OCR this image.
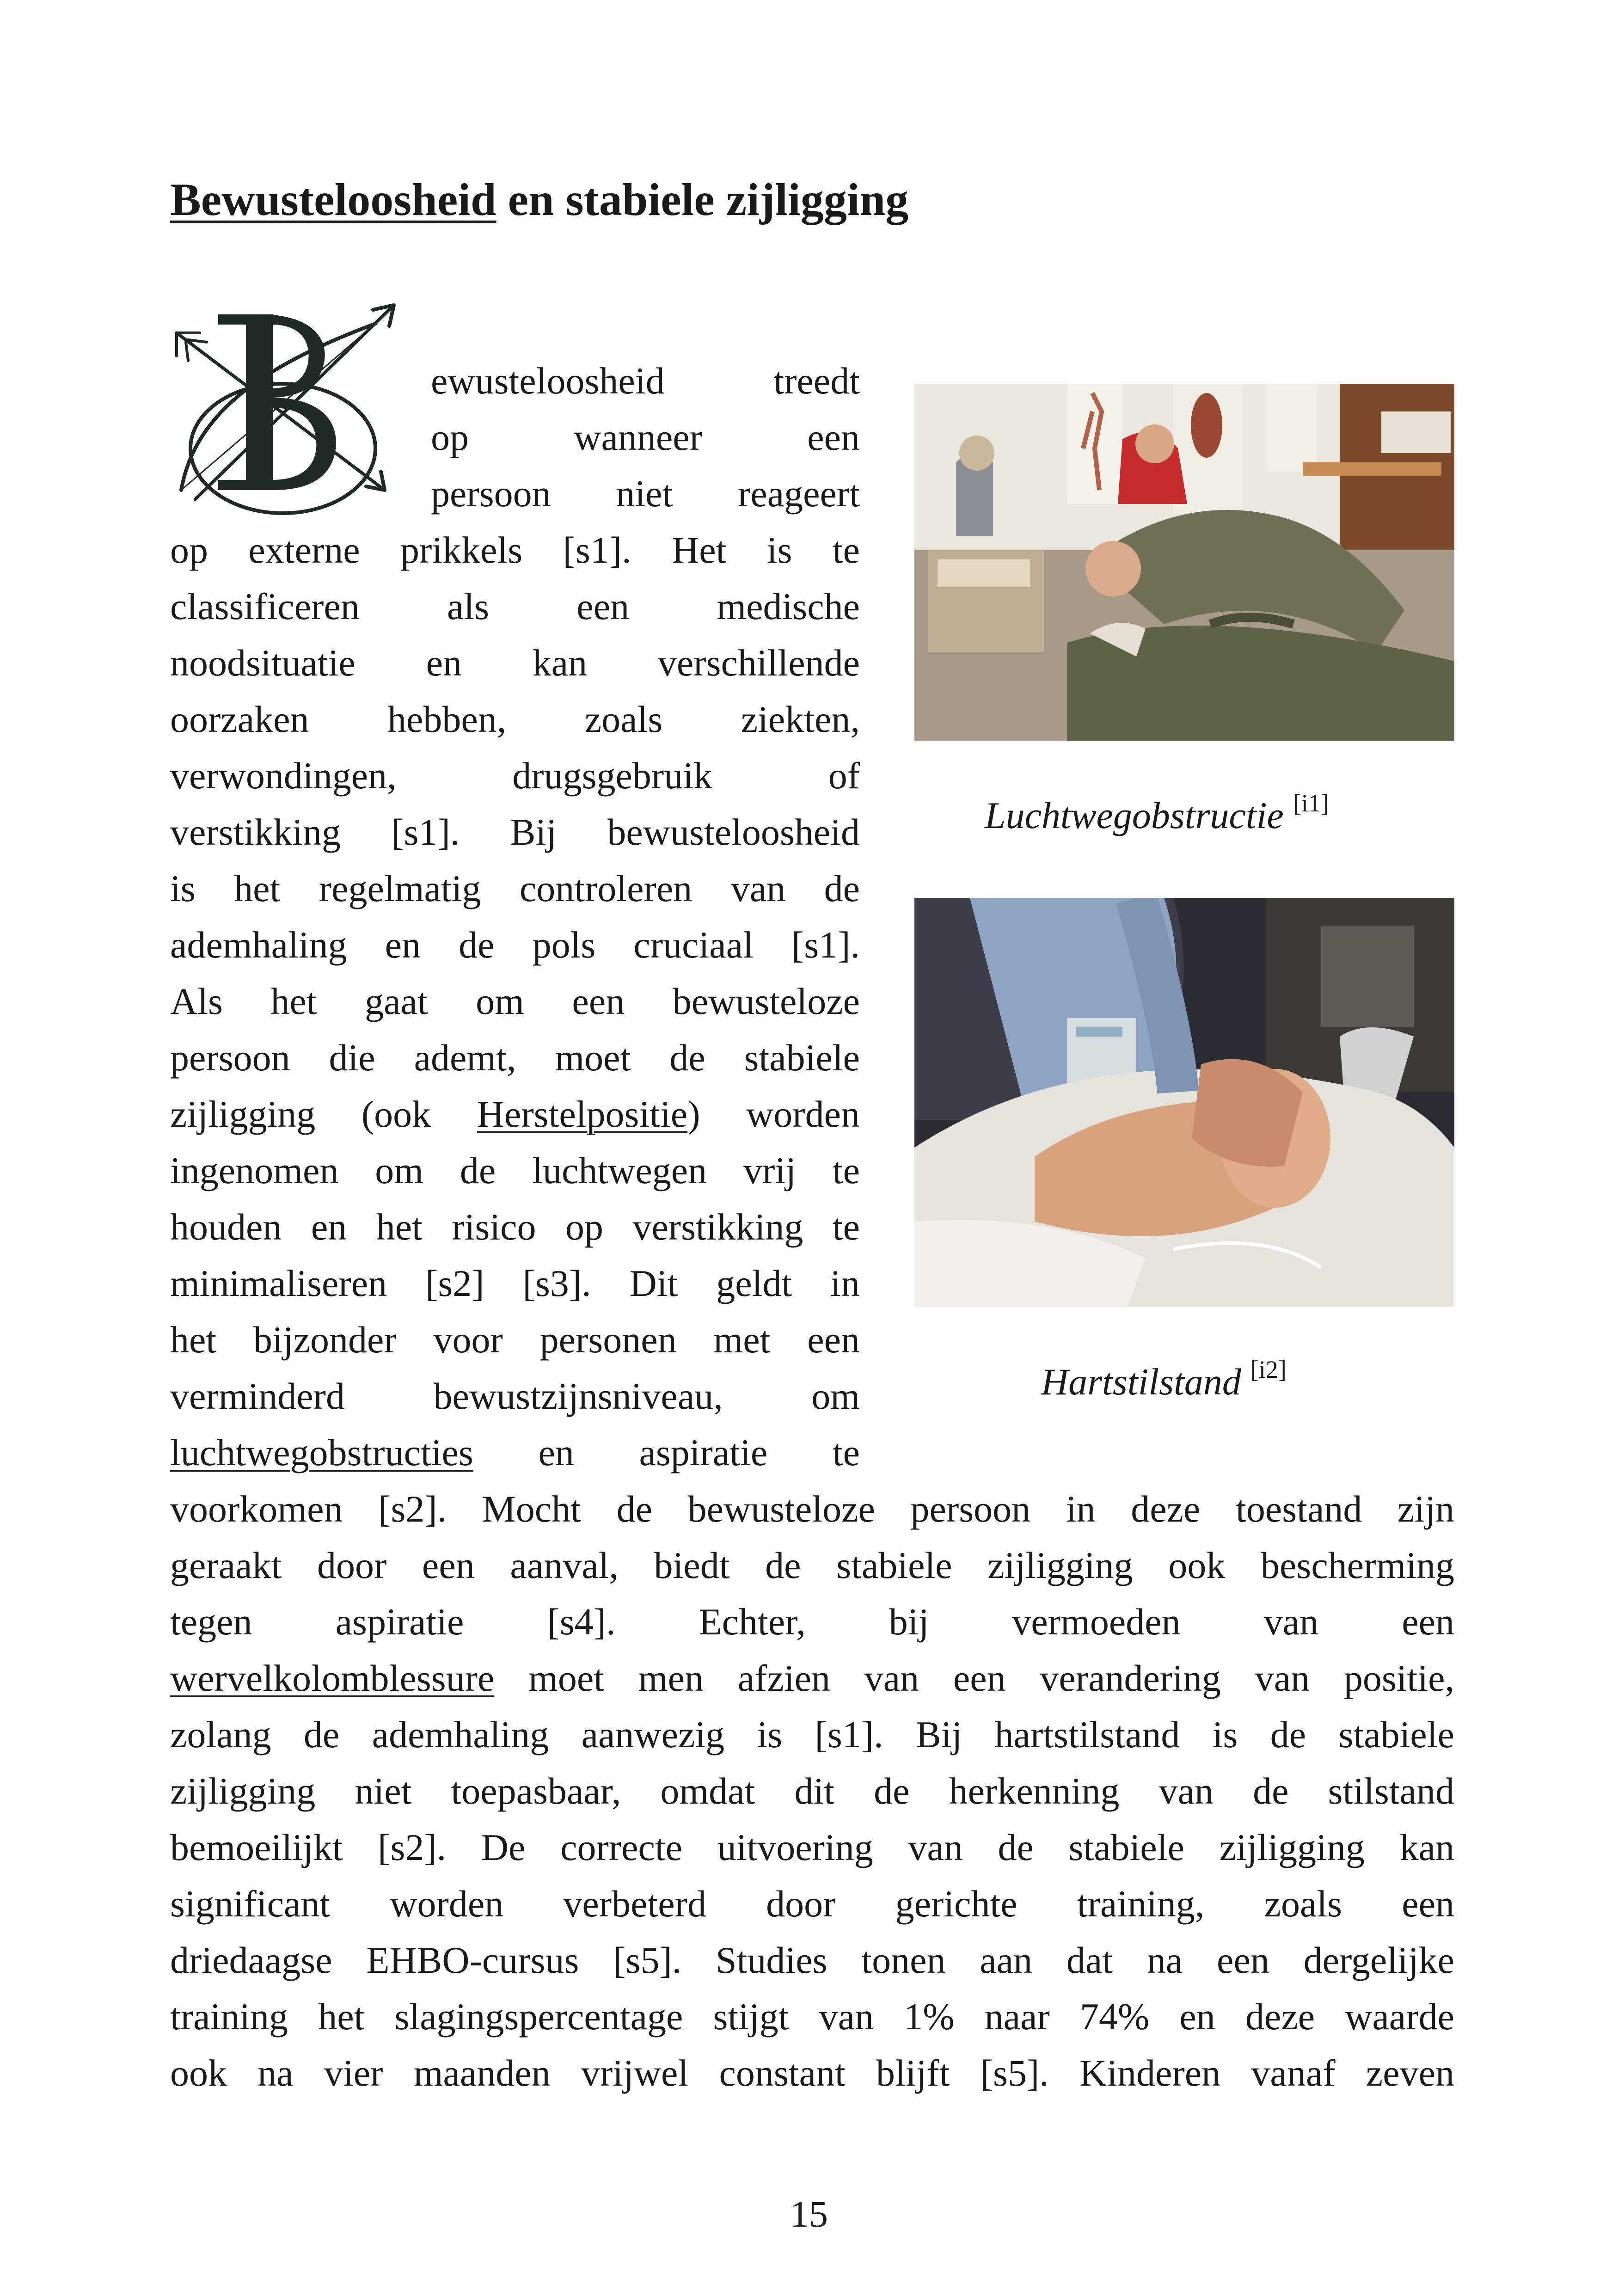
Bewusteloosheid en stabiele zijligging
B

ewusteloosheid treedt

op wanneer een

persoon niet reageert

op externe prikkels [s1]. Het is te

classificeren als een medische

noodsituatie en kan verschillende

oorzaken hebben, zoals ziekten,

verwondingen, drugsgebruik of

verstikking [s1]. Bij bewusteloosheid

is het regelmatig controleren van de

ademhaling en de pols cruciaal [s1].

Als het gaat om een bewusteloze

persoon die ademt, moet de stabiele

zijligging (ook Herstelpositie) worden

ingenomen om de luchtwegen vrij te

houden en het risico op verstikking te

minimaliseren [s2] [s3]. Dit geldt in

het bijzonder voor personen met een

verminderd bewustzijnsniveau, om

luchtwegobstructies en aspiratie te

voorkomen [s2]. Mocht de bewusteloze persoon in deze toestand zijn

geraakt door een aanval, biedt de stabiele zijligging ook bescherming

tegen aspiratie [s4]. Echter, bij vermoeden van een

wervelkolomblessure moet men afzien van een verandering van positie,

zolang de ademhaling aanwezig is [s1]. Bij hartstilstand is de stabiele

zijligging niet toepasbaar, omdat dit de herkenning van de stilstand

bemoeilijkt [s2]. De correcte uitvoering van de stabiele zijligging kan

significant worden verbeterd door gerichte training, zoals een

driedaagse EHBO-cursus [s5]. Studies tonen aan dat na een dergelijke

training het slagingspercentage stijgt van 1% naar 74% en deze waarde

ook na vier maanden vrijwel constant blijft [s5]. Kinderen vanaf zeven

Luchtwegobstructie [i1]
Hartstilstand [i2]
15
